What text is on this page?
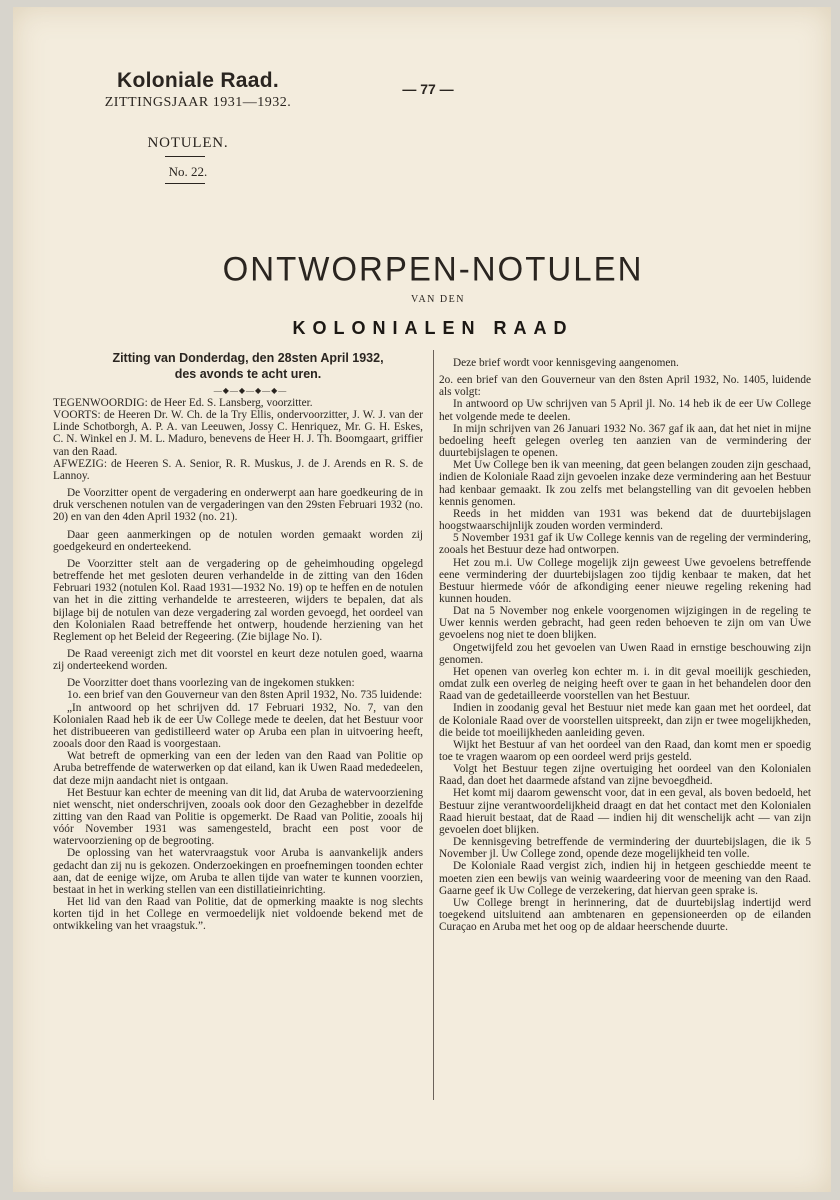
Koloniale Raad.
ZITTINGSJAAR 1931—1932.
NOTULEN.
No. 22.
— 77 —
ONTWORPEN-NOTULEN
VAN DEN
KOLONIALEN RAAD
Zitting van Donderdag, den 28sten April 1932,
des avonds te acht uren.
—◆—◆—◆—◆—

TEGENWOORDIG: de Heer Ed. S. Lansberg, voorzitter.

VOORTS: de Heeren Dr. W. Ch. de la Try Ellis, ondervoorzitter, J. W. J. van der Linde Schotborgh, A. P. A. van Leeuwen, Jossy C. Henriquez, Mr. G. H. Eskes, C. N. Winkel en J. M. L. Maduro, benevens de Heer H. J. Th. Boomgaart, griffier van den Raad.

AFWEZIG: de Heeren S. A. Senior, R. R. Muskus, J. de J. Arends en R. S. de Lannoy.

De Voorzitter opent de vergadering en onderwerpt aan hare goedkeuring de in druk verschenen notulen van de vergaderingen van den 29sten Februari 1932 (no. 20) en van den 4den April 1932 (no. 21).

Daar geen aanmerkingen op de notulen worden gemaakt worden zij goedgekeurd en onderteekend.

De Voorzitter stelt aan de vergadering op de geheimhouding opgelegd betreffende het met gesloten deuren verhandelde in de zitting van den 16den Februari 1932 (notulen Kol. Raad 1931—1932 No. 19) op te heffen en de notulen van het in die zitting verhandelde te arresteeren, wijders te bepalen, dat als bijlage bij de notulen van deze vergadering zal worden gevoegd, het oordeel van den Kolonialen Raad betreffende het ontwerp, houdende herziening van het Reglement op het Beleid der Regeering. (Zie bijlage No. I).

De Raad vereenigt zich met dit voorstel en keurt deze notulen goed, waarna zij onderteekend worden.

De Voorzitter doet thans voorlezing van de ingekomen stukken:

1o. een brief van den Gouverneur van den 8sten April 1932, No. 735 luidende:

„In antwoord op het schrijven dd. 17 Februari 1932, No. 7, van den Kolonialen Raad heb ik de eer Uw College mede te deelen, dat het Bestuur voor het distribueeren van gedistilleerd water op Aruba een plan in uitvoering heeft, zooals door den Raad is voorgestaan.

Wat betreft de opmerking van een der leden van den Raad van Politie op Aruba betreffende de waterwerken op dat eiland, kan ik Uwen Raad mededeelen, dat deze mijn aandacht niet is ontgaan.

Het Bestuur kan echter de meening van dit lid, dat Aruba de watervoorziening niet wenscht, niet onderschrijven, zooals ook door den Gezaghebber in dezelfde zitting van den Raad van Politie is opgemerkt. De Raad van Politie, zooals hij vóór November 1931 was samengesteld, bracht een post voor de watervoorziening op de begrooting.

De oplossing van het watervraagstuk voor Aruba is aanvankelijk anders gedacht dan zij nu is gekozen. Onderzoekingen en proefnemingen toonden echter aan, dat de eenige wijze, om Aruba te allen tijde van water te kunnen voorzien, bestaat in het in werking stellen van een distillatieinrichting.

Het lid van den Raad van Politie, dat de opmerking maakte is nog slechts korten tijd in het College en vermoedelijk niet voldoende bekend met de ontwikkeling van het vraagstuk.”.

Deze brief wordt voor kennisgeving aangenomen.

2o. een brief van den Gouverneur van den 8sten April 1932, No. 1405, luidende als volgt:

In antwoord op Uw schrijven van 5 April jl. No. 14 heb ik de eer Uw College het volgende mede te deelen.

In mijn schrijven van 26 Januari 1932 No. 367 gaf ik aan, dat het niet in mijne bedoeling heeft gelegen overleg ten aanzien van de vermindering der duurtebijslagen te openen.

Met Uw College ben ik van meening, dat geen belangen zouden zijn geschaad, indien de Koloniale Raad zijn gevoelen inzake deze vermindering aan het Bestuur had kenbaar gemaakt. Ik zou zelfs met belangstelling van dit gevoelen hebben kennis genomen.

Reeds in het midden van 1931 was bekend dat de duurtebijslagen hoogstwaarschijnlijk zouden worden verminderd.

5 November 1931 gaf ik Uw College kennis van de regeling der vermindering, zooals het Bestuur deze had ontworpen.

Het zou m.i. Uw College mogelijk zijn geweest Uwe gevoelens betreffende eene vermindering der duurtebijslagen zoo tijdig kenbaar te maken, dat het Bestuur hiermede vóór de afkondiging eener nieuwe regeling rekening had kunnen houden.

Dat na 5 November nog enkele voorgenomen wijzigingen in de regeling te Uwer kennis werden gebracht, had geen reden behoeven te zijn om van Uwe gevoelens nog niet te doen blijken.

Ongetwijfeld zou het gevoelen van Uwen Raad in ernstige beschouwing zijn genomen.

Het openen van overleg kon echter m. i. in dit geval moeilijk geschieden, omdat zulk een overleg de neiging heeft over te gaan in het behandelen door den Raad van de gedetailleerde voorstellen van het Bestuur.

Indien in zoodanig geval het Bestuur niet mede kan gaan met het oordeel, dat de Koloniale Raad over de voorstellen uitspreekt, dan zijn er twee mogelijkheden, die beide tot moeilijkheden aanleiding geven.

Wijkt het Bestuur af van het oordeel van den Raad, dan komt men er spoedig toe te vragen waarom op een oordeel werd prijs gesteld.

Volgt het Bestuur tegen zijne overtuiging het oordeel van den Kolonialen Raad, dan doet het daarmede afstand van zijne bevoegdheid.

Het komt mij daarom gewenscht voor, dat in een geval, als boven bedoeld, het Bestuur zijne verantwoordelijkheid draagt en dat het contact met den Kolonialen Raad hieruit bestaat, dat de Raad — indien hij dit wenschelijk acht — van zijn gevoelen doet blijken.

De kennisgeving betreffende de vermindering der duurtebijslagen, die ik 5 November jl. Uw College zond, opende deze mogelijkheid ten volle.

De Koloniale Raad vergist zich, indien hij in hetgeen geschiedde meent te moeten zien een bewijs van weinig waardeering voor de meening van den Raad. Gaarne geef ik Uw College de verzekering, dat hiervan geen sprake is.

Uw College brengt in herinnering, dat de duurtebijslag indertijd werd toegekend uitsluitend aan ambtenaren en gepensioneerden op de eilanden Curaçao en Aruba met het oog op de aldaar heerschende duurte.
